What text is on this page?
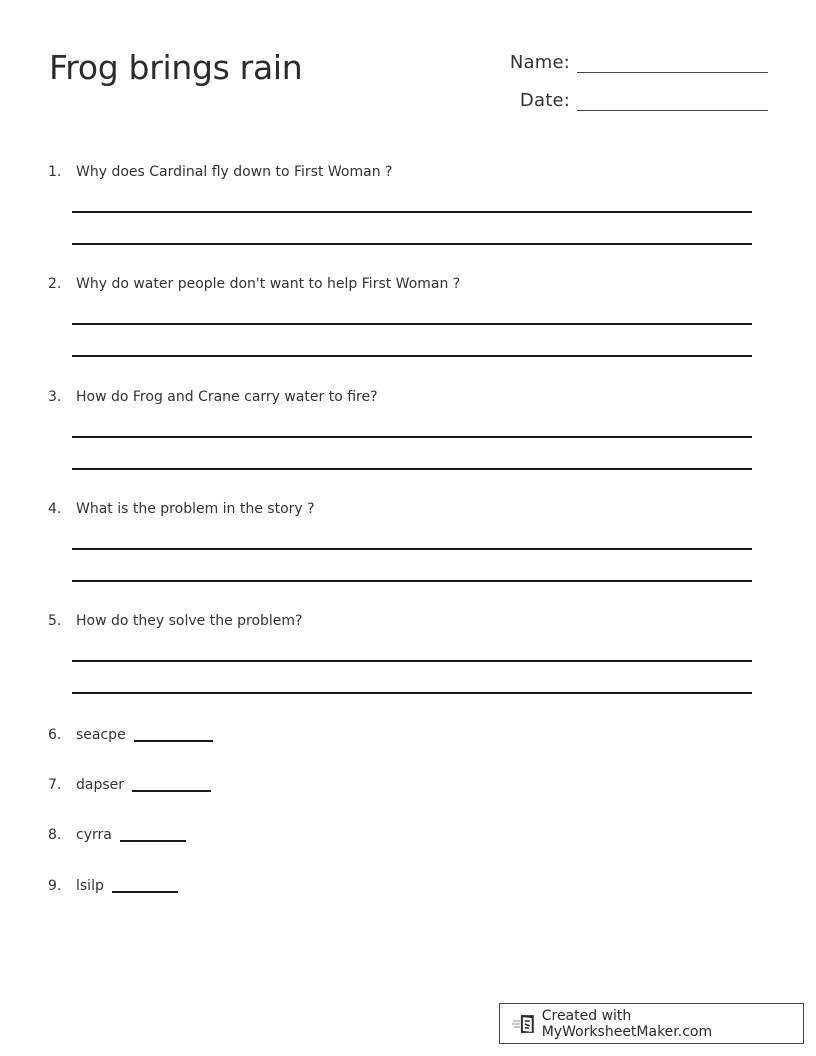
Frog brings rain	Name:
Date:
1.	Why does Cardinal fly down to First Woman ?
2.	Why do water people don't want to help First Woman ?
3.	How do Frog and Crane carry water to fire?
4.	What is the problem in the story ?
5.	How do they solve the problem?
6.	seacpe
7.	dapser
8.	cyrra
9.	lsilp
Created with MyWorksheetMaker.com
